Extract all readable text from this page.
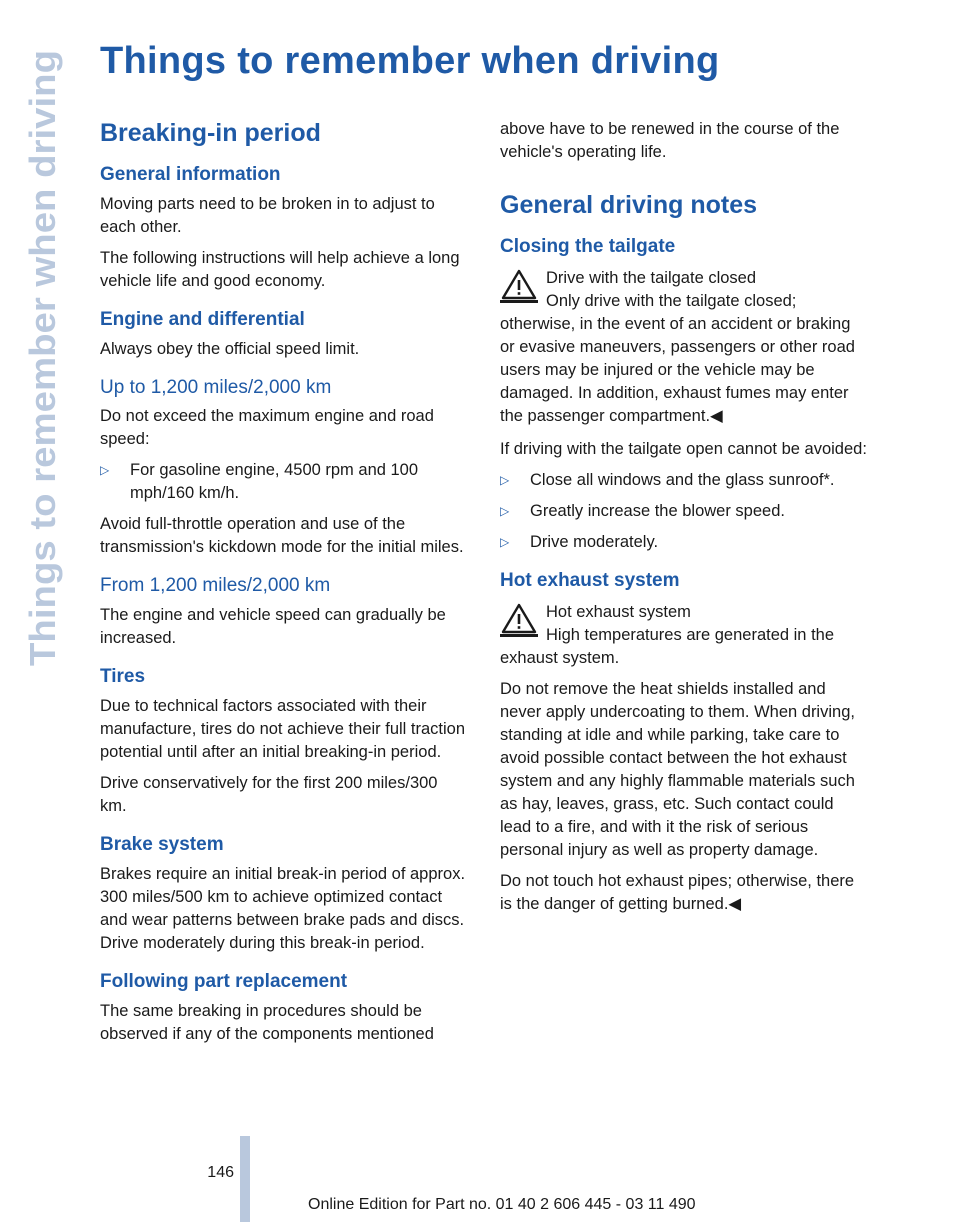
Things to remember when driving
Things to remember when driving
Breaking-in period
General information

Moving parts need to be broken in to adjust to each other.

The following instructions will help achieve a long vehicle life and good economy.

Engine and differential

Always obey the official speed limit.

Up to 1,200 miles/2,000 km

Do not exceed the maximum engine and road speed:

▷	For gasoline engine, 4500 rpm and 100 mph/160 km/h.

Avoid full-throttle operation and use of the transmission's kickdown mode for the initial miles.

From 1,200 miles/2,000 km

The engine and vehicle speed can gradually be increased.

Tires

Due to technical factors associated with their manufacture, tires do not achieve their full traction potential until after an initial breaking-in period.

Drive conservatively for the first 200 miles/300 km.

Brake system

Brakes require an initial break-in period of approx. 300 miles/500 km to achieve optimized contact and wear patterns between brake pads and discs. Drive moderately during this break-in period.

Following part replacement

The same breaking in procedures should be observed if any of the components mentioned

above have to be renewed in the course of the vehicle's operating life.

General driving notes
Closing the tailgate

Drive with the tailgate closed

Only drive with the tailgate closed; otherwise, in the event of an accident or braking or evasive maneuvers, passengers or other road users may be injured or the vehicle may be damaged. In addition, exhaust fumes may enter the passenger compartment.◀

If driving with the tailgate open cannot be avoided:

▷	Close all windows and the glass sunroof*.
▷	Greatly increase the blower speed.
▷	Drive moderately.
Hot exhaust system

Hot exhaust system

High temperatures are generated in the exhaust system.

Do not remove the heat shields installed and never apply undercoating to them. When driving, standing at idle and while parking, take care to avoid possible contact between the hot exhaust system and any highly flammable materials such as hay, leaves, grass, etc. Such contact could lead to a fire, and with it the risk of serious personal injury as well as property damage.

Do not touch hot exhaust pipes; otherwise, there is the danger of getting burned.◀

146
Online Edition for Part no. 01 40 2 606 445 - 03 11 490
